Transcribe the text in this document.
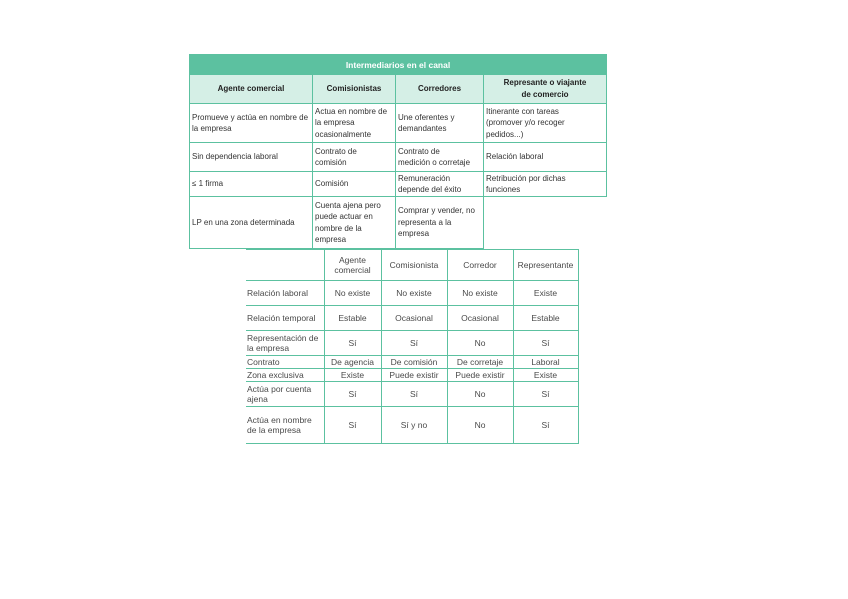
Intermediarios en el canal			
Agente comercial	Comisionistas	Corredores	Represante o viajante de comercio
Promueve y actúa en nombre de la empresa	Actua en nombre de la empresa ocasionalmente	Une oferentes y demandantes	Itinerante con tareas (promover y/o recoger pedidos...)
Sin dependencia laboral	Contrato de comisión	Contrato de medición o corretaje	Relación laboral
≤ 1 firma	Comisión	Remuneración depende del éxito	Retribución por dichas funciones
LP en una zona determinada	Cuenta ajena pero puede actuar en nombre de la empresa	Comprar y vender, no representa a la empresa	
	Agente comercial	Comisionista	Corredor	Representante
Relación laboral	No existe	No existe	No existe	Existe
Relación temporal	Estable	Ocasional	Ocasional	Estable
Representación de la empresa	Sí	Sí	No	Sí
Contrato	De agencia	De comisión	De corretaje	Laboral
Zona exclusiva	Existe	Puede existir	Puede existir	Existe
Actúa por cuenta ajena	Sí	Sí	No	Sí
Actúa en nombre de la empresa	Sí	Sí y no	No	Sí
